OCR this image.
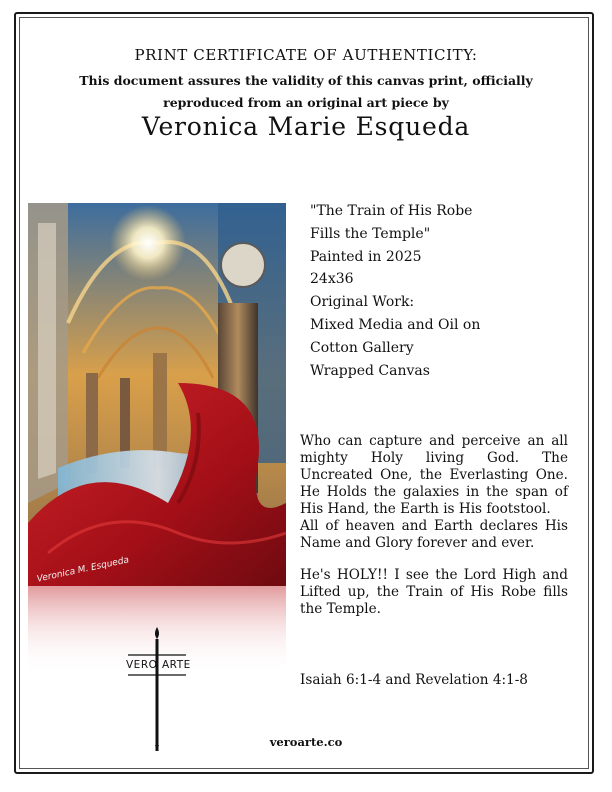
PRINT CERTIFICATE OF AUTHENTICITY:
This document assures the validity of this canvas print, officially
reproduced from an original art piece by
Veronica Marie Esqueda
Veronica M. Esqueda
"The Train of His Robe
Fills the Temple"
Painted in 2025
24x36
Original Work:
Mixed Media and Oil on
Cotton Gallery
Wrapped Canvas

Who can capture and perceive an all mighty Holy living God. The Uncreated One, the Everlasting One. He Holds the galaxies in the span of His Hand, the Earth is His footstool.

All of heaven and Earth declares His Name and Glory forever and ever.

He's HOLY!! I see the Lord High and Lifted up, the Train of His Robe fills the Temple.

Isaiah 6:1-4 and Revelation 4:1-8
VERO ARTE
veroarte.co
